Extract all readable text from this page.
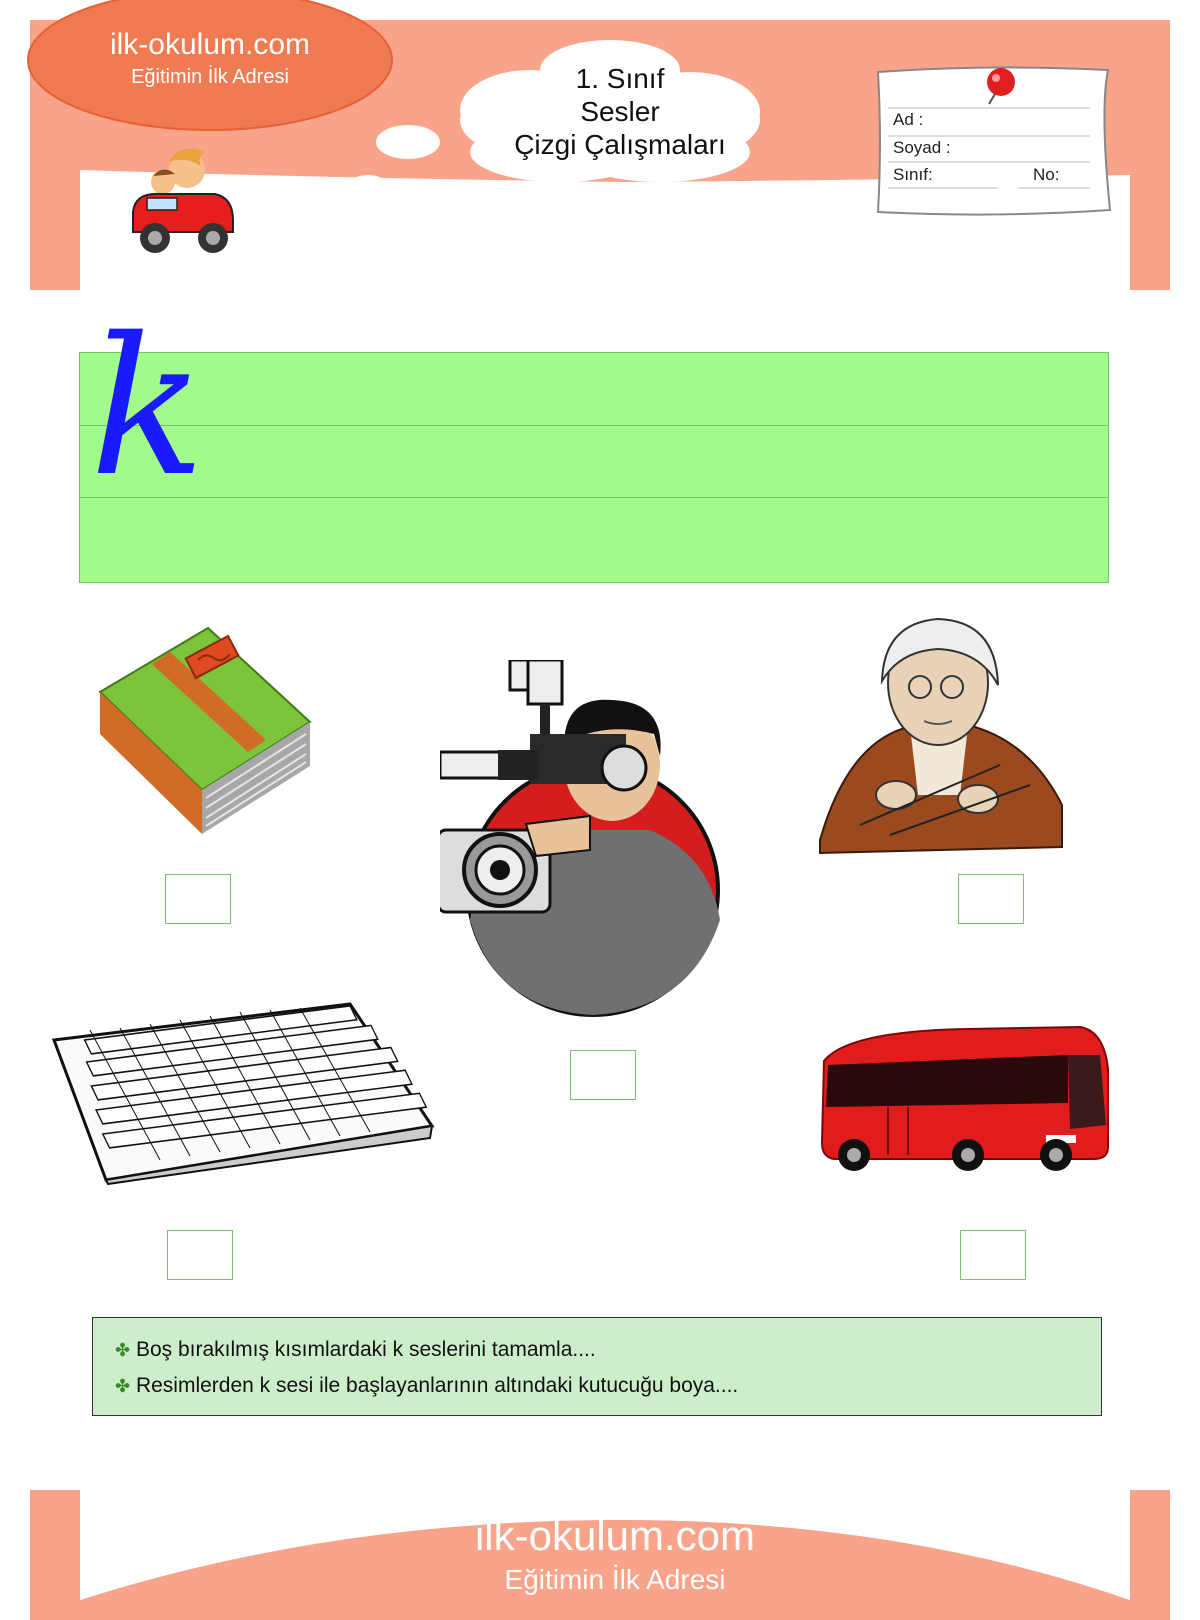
ilk-okulum.com
Eğitimin İlk Adresi	1. Sınıf
Sesler
Çizgi Çalışmaları
Ad :
Soyad :
Sınıf:	No:
k
✤ Boş bırakılmış kısımlardaki k seslerini tamamla....
✤ Resimlerden k sesi ile başlayanlarının altındaki kutucuğu boya....
ilk-okulum.com
Eğitimin İlk Adresi
